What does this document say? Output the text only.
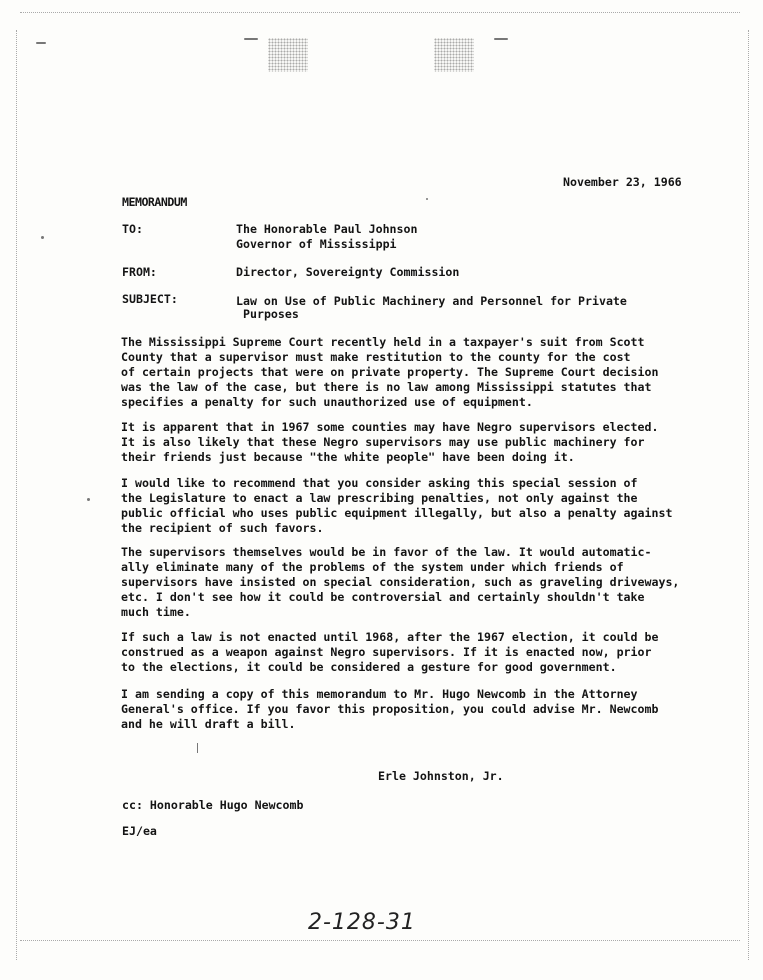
November 23, 1966
MEMORANDUM
TO:	The Honorable Paul Johnson
Governor of Mississippi
FROM:	Director, Sovereignty Commission
SUBJECT:	Law on Use of Public Machinery and Personnel for Private
Purposes
The Mississippi Supreme Court recently held in a taxpayer's suit from Scott
County that a supervisor must make restitution to the county for the cost
of certain projects that were on private property. The Supreme Court decision
was the law of the case, but there is no law among Mississippi statutes that
specifies a penalty for such unauthorized use of equipment.
It is apparent that in 1967 some counties may have Negro supervisors elected.
It is also likely that these Negro supervisors may use public machinery for
their friends just because "the white people" have been doing it.
I would like to recommend that you consider asking this special session of
the Legislature to enact a law prescribing penalties, not only against the
public official who uses public equipment illegally, but also a penalty against
the recipient of such favors.
The supervisors themselves would be in favor of the law. It would automatic-
ally eliminate many of the problems of the system under which friends of
supervisors have insisted on special consideration, such as graveling driveways,
etc. I don't see how it could be controversial and certainly shouldn't take
much time.
If such a law is not enacted until 1968, after the 1967 election, it could be
construed as a weapon against Negro supervisors. If it is enacted now, prior
to the elections, it could be considered a gesture for good government.
I am sending a copy of this memorandum to Mr. Hugo Newcomb in the Attorney
General's office. If you favor this proposition, you could advise Mr. Newcomb
and he will draft a bill.
Erle Johnston, Jr.
cc: Honorable Hugo Newcomb
EJ/ea
2-128-31
